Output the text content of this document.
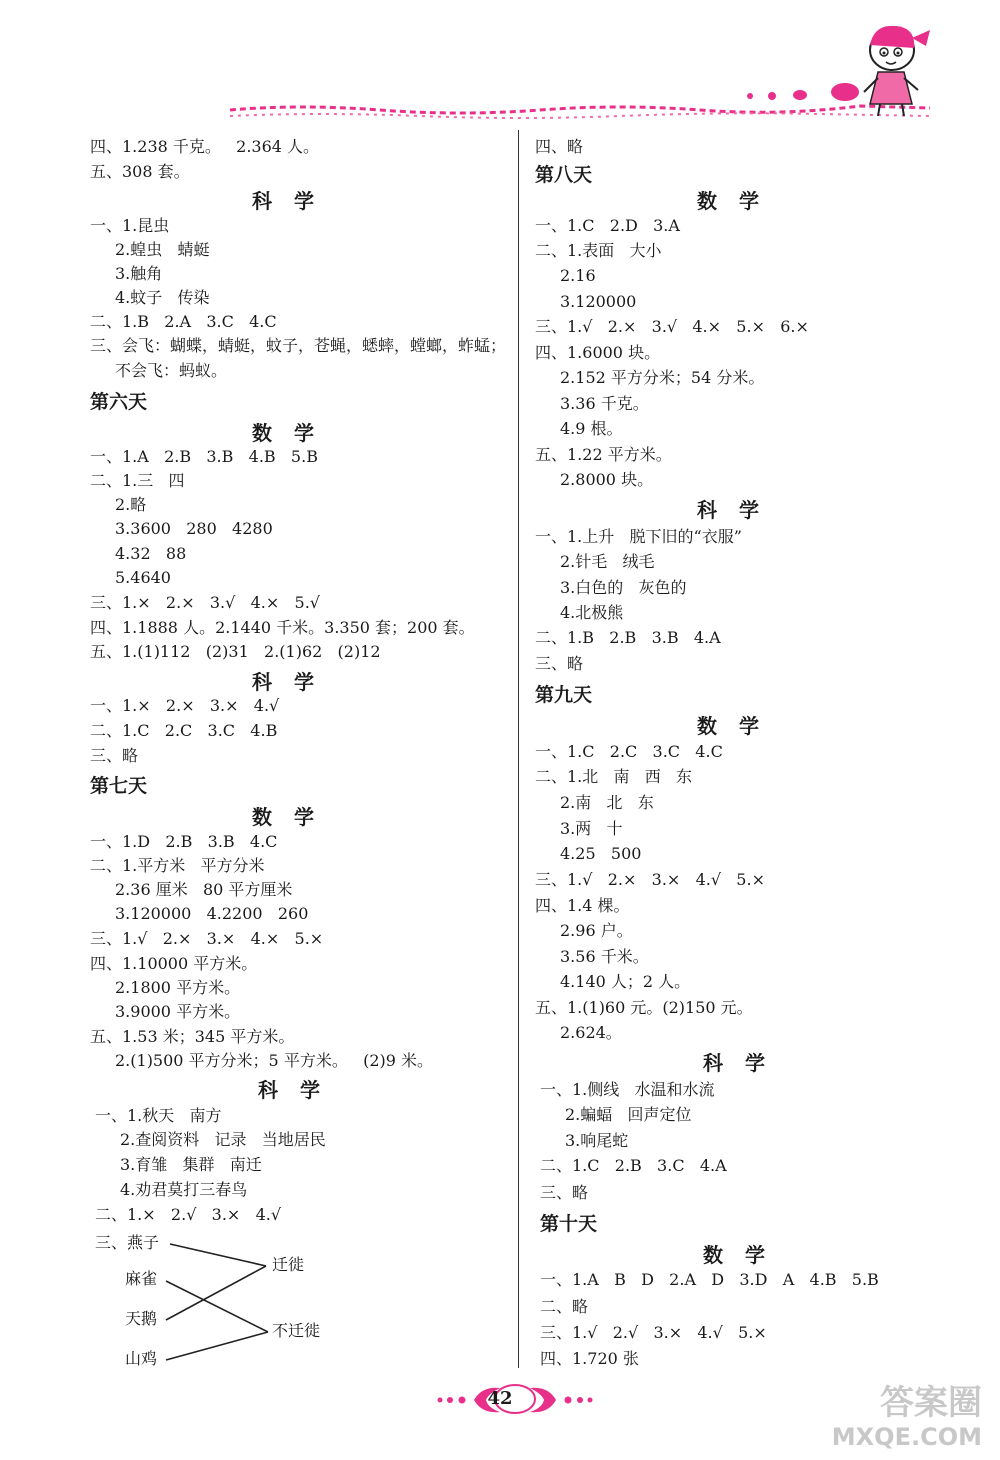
四、1.238 千克。   2.364 人。
五、308 套。
科学
一、1.昆虫
2.蝗虫   蜻蜓
3.触角
4.蚊子   传染
二、1.B   2.A   3.C   4.C
三、会飞：蝴蝶，蜻蜓，蚊子，苍蝇，蟋蟀，螳螂，蚱蜢；
不会飞：蚂蚁。
第六天
数学
一、1.A   2.B   3.B   4.B   5.B
二、1.三   四
2.略
3.3600   280   4280
4.32   88
5.4640
三、1.×   2.×   3.√   4.×   5.√
四、1.1888 人。2.1440 千米。3.350 套；200 套。
五、1.(1)112   (2)31   2.(1)62   (2)12
科学
一、1.×   2.×   3.×   4.√
二、1.C   2.C   3.C   4.B
三、略
第七天
数学
一、1.D   2.B   3.B   4.C
二、1.平方米   平方分米
2.36 厘米   80 平方厘米
3.120000   4.2200   260
三、1.√   2.×   3.×   4.×   5.×
四、1.10000 平方米。
2.1800 平方米。
3.9000 平方米。
五、1.53 米；345 平方米。
2.(1)500 平方分米；5 平方米。   (2)9 米。
科学
一、1.秋天   南方
2.查阅资料   记录   当地居民
3.育雏   集群   南迁
4.劝君莫打三春鸟
二、1.×   2.√   3.×   4.√
三、燕子
四、略
第八天
数学
一、1.C   2.D   3.A
二、1.表面   大小
2.16
3.120000
三、1.√   2.×   3.√   4.×   5.×   6.×
四、1.6000 块。
2.152 平方分米；54 分米。
3.36 千克。
4.9 根。
五、1.22 平方米。
2.8000 块。
科学
一、1.上升   脱下旧的“衣服”
2.针毛   绒毛
3.白色的   灰色的
4.北极熊
二、1.B   2.B   3.B   4.A
三、略
第九天
数学
一、1.C   2.C   3.C   4.C
二、1.北   南   西   东
2.南   北   东
3.两   十
4.25   500
三、1.√   2.×   3.×   4.√   5.×
四、1.4 棵。
2.96 户。
3.56 千米。
4.140 人；2 人。
五、1.(1)60 元。(2)150 元。
2.624。
科学
一、1.侧线   水温和水流
2.蝙蝠   回声定位
3.响尾蛇
二、1.C   2.B   3.C   4.A
三、略
第十天
数学
一、1.A   B   D   2.A   D   3.D   A   4.B   5.B
二、略
三、1.√   2.√   3.×   4.√   5.×
四、1.720 张
麻雀
天鹅
山鸡
迁徙
不迁徙
42	答案圈
MXQE.COM
